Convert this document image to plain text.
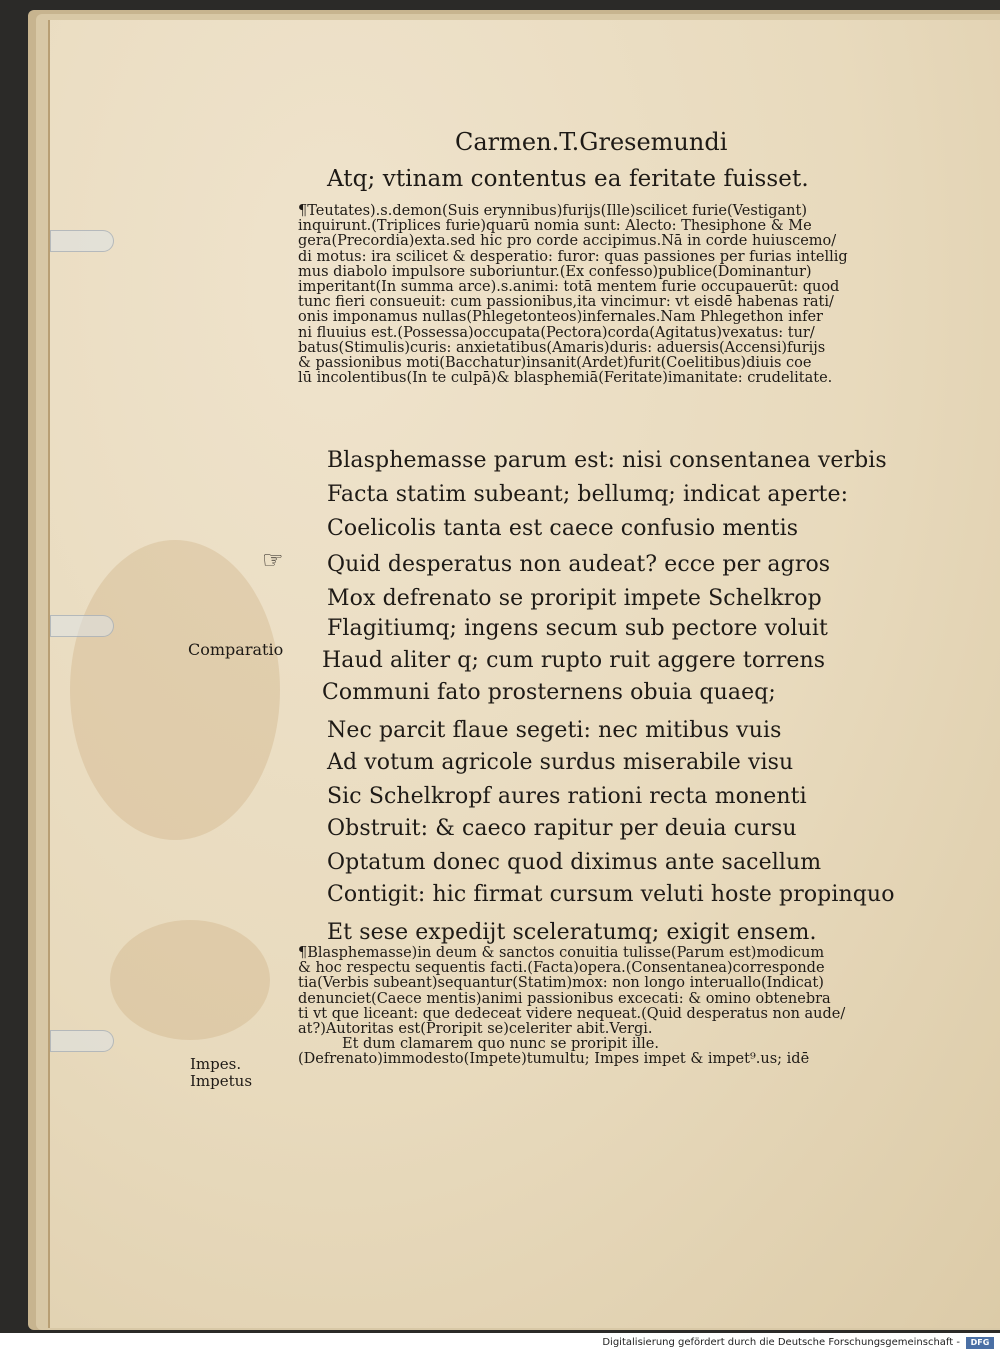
Carmen.T.Gresemundi
Atq; vtinam contentus ea feritate fuisset.
¶Teutates).s.demon(Suis erynnibus)furijs(Ille)scilicet furie(Vestigant)
inquirunt.(Triplices furie)quarū nomia sunt: Alecto: Thesiphone & Me
gera(Precordia)exta.sed hic pro corde accipimus.Nā in corde huiuscemo/
di motus: ira scilicet & desperatio: furor: quas passiones per furias intellig
mus diabolo impulsore suboriuntur.(Ex confesso)publice(Dominantur)
imperitant(In summa arce).s.animi: totā mentem furie occupauerūt: quod
tunc fieri consueuit: cum passionibus,ita vincimur: vt eisdē habenas rati/
onis imponamus nullas(Phlegetonteos)infernales.Nam Phlegethon infer
ni fluuius est.(Possessa)occupata(Pectora)corda(Agitatus)vexatus: tur/
batus(Stimulis)curis: anxietatibus(Amaris)duris: aduersis(Accensi)furijs
& passionibus moti(Bacchatur)insanit(Ardet)furit(Coelitibus)diuis coe
lū incolentibus(In te culpā)& blasphemiā(Feritate)imanitate: crudelitate.
Blasphemasse parum est: nisi consentanea verbis
Facta statim subeant; bellumq; indicat aperte:
Coelicolis tanta est caece confusio mentis
Quid desperatus non audeat? ecce per agros
Mox defrenato se proripit impete Schelkrop
Flagitiumq; ingens secum sub pectore voluit
Haud aliter q; cum rupto ruit aggere torrens
Communi fato prosternens obuia quaeq;
Nec parcit flaue segeti: nec mitibus vuis
Ad votum agricole surdus miserabile visu
Sic Schelkropf aures rationi recta monenti
Obstruit: & caeco rapitur per deuia cursu
Optatum donec quod diximus ante sacellum
Contigit: hic firmat cursum veluti hoste propinquo
Et sese expedijt sceleratumq; exigit ensem.
¶Blasphemasse)in deum & sanctos conuitia tulisse(Parum est)modicum
& hoc respectu sequentis facti.(Facta)opera.(Consentanea)corresponde
tia(Verbis subeant)sequantur(Statim)mox: non longo interuallo(Indicat)
denunciet(Caece mentis)animi passionibus excecati: & omino obtenebra
ti vt que liceant: que dedeceat videre nequeat.(Quid desperatus non aude/
at?)Autoritas est(Proripit se)celeriter abit.Vergi.
Et dum clamarem quo nunc se proripit ille.
(Defrenato)immodesto(Impete)tumultu; Impes impet & impet⁹.us; idē
☞
Comparatio
Impes.
Impetus
Digitalisierung gefördert durch die Deutsche Forschungsgemeinschaft -	DFG
